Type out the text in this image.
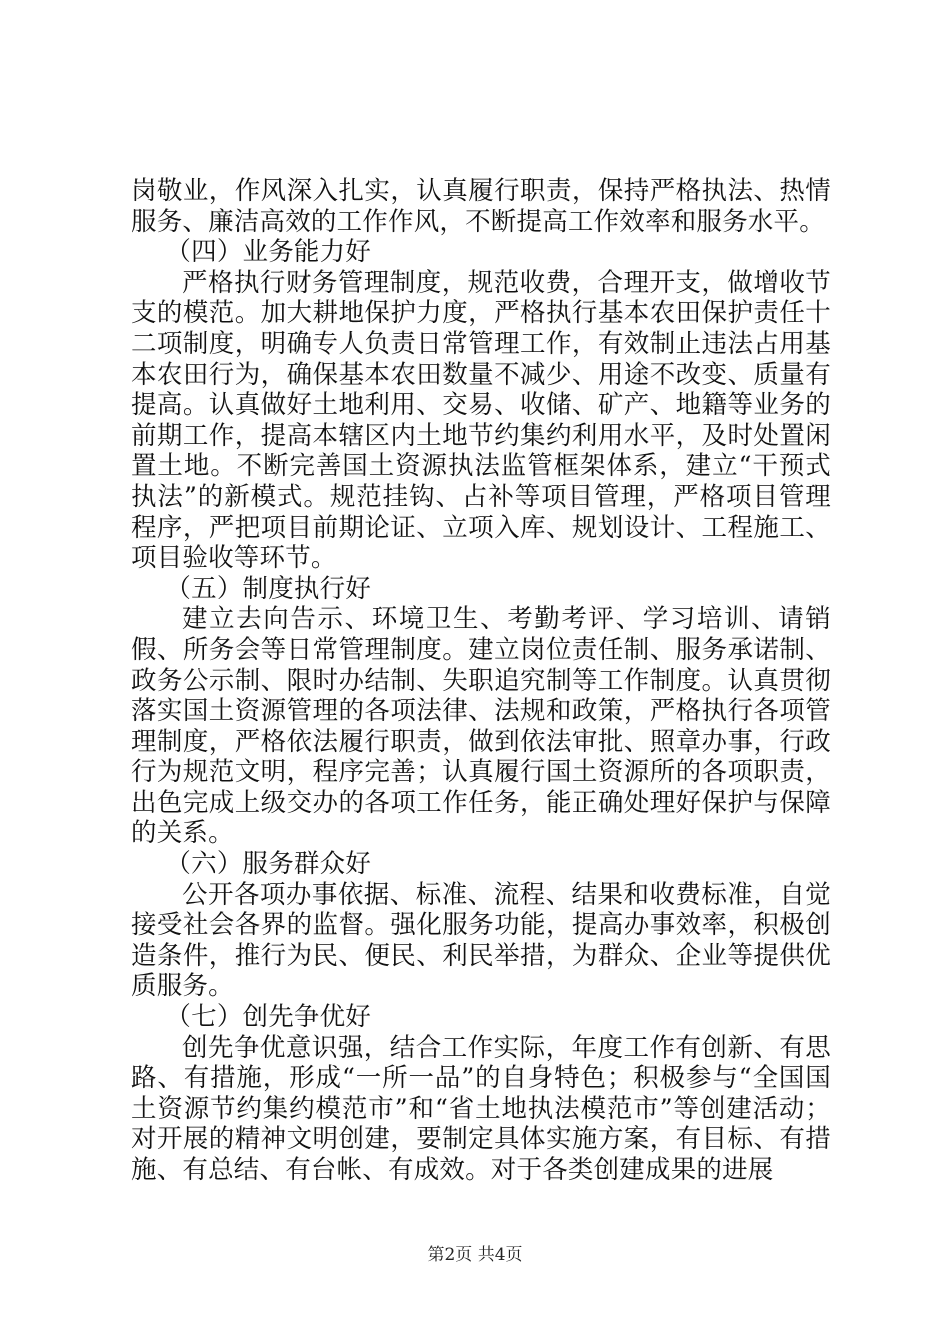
岗敬业，作风深入扎实，认真履行职责，保持严格执法、热情服务、廉洁高效的工作作风，不断提高工作效率和服务水平。

（四）业务能力好

严格执行财务管理制度，规范收费，合理开支，做增收节支的模范。加大耕地保护力度，严格执行基本农田保护责任十二项制度，明确专人负责日常管理工作，有效制止违法占用基本农田行为，确保基本农田数量不减少、用途不改变、质量有提高。认真做好土地利用、交易、收储、矿产、地籍等业务的前期工作，提高本辖区内土地节约集约利用水平，及时处置闲置土地。不断完善国土资源执法监管框架体系，建立“干预式执法”的新模式。规范挂钩、占补等项目管理，严格项目管理程序，严把项目前期论证、立项入库、规划设计、工程施工、项目验收等环节。

（五）制度执行好

建立去向告示、环境卫生、考勤考评、学习培训、请销假、所务会等日常管理制度。建立岗位责任制、服务承诺制、政务公示制、限时办结制、失职追究制等工作制度。认真贯彻落实国土资源管理的各项法律、法规和政策，严格执行各项管理制度，严格依法履行职责，做到依法审批、照章办事，行政行为规范文明，程序完善；认真履行国土资源所的各项职责，出色完成上级交办的各项工作任务，能正确处理好保护与保障的关系。

（六）服务群众好

公开各项办事依据、标准、流程、结果和收费标准，自觉接受社会各界的监督。强化服务功能，提高办事效率，积极创造条件，推行为民、便民、利民举措，为群众、企业等提供优质服务。

（七）创先争优好

创先争优意识强，结合工作实际，年度工作有创新、有思路、有措施，形成“一所一品”的自身特色；积极参与“全国国土资源节约集约模范市”和“省土地执法模范市”等创建活动；对开展的精神文明创建，要制定具体实施方案，有目标、有措施、有总结、有台帐、有成效。对于各类创建成果的进展

第2页 共4页
